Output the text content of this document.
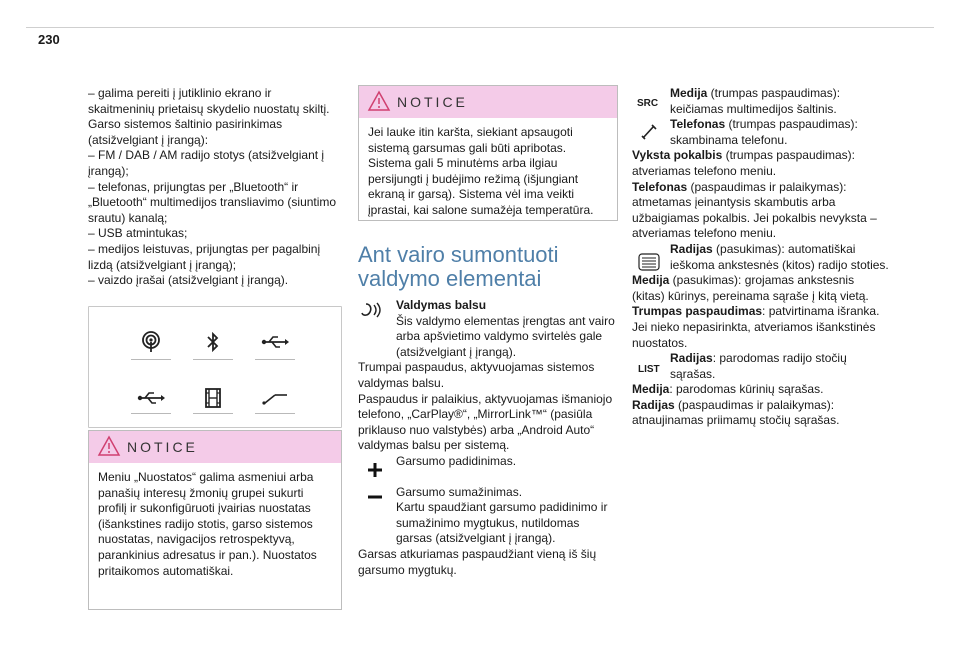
230

– galima pereiti į jutiklinio ekrano ir skaitmeninių prietaisų skydelio nuostatų skiltį.

Garso sistemos šaltinio pasirinkimas (atsižvelgiant į įrangą):

– FM / DAB / AM radijo stotys (atsižvelgiant į įrangą);

– telefonas, prijungtas per „Bluetooth“ ir „Bluetooth“ multimedijos transliavimo (siuntimo srautu) kanalą;

– USB atmintukas;

– medijos leistuvas, prijungtas per pagalbinį lizdą (atsižvelgiant į įrangą);

– vaizdo įrašai (atsižvelgiant į įrangą).

NOTICE
Meniu „Nuostatos“ galima asmeniui arba panašių interesų žmonių grupei sukurti profilį ir sukonfigūruoti įvairias nuostatas (išankstines radijo stotis, garso sistemos nuostatas, navigacijos retrospektyvą, parankinius adresatus ir pan.). Nuostatos pritaikomos automatiškai.
NOTICE
Jei lauke itin karšta, siekiant apsaugoti sistemą garsumas gali būti apribotas. Sistema gali 5 minutėms arba ilgiau persijungti į budėjimo režimą (išjungiant ekraną ir garsą). Sistema vėl ima veikti įprastai, kai salone sumažėja temperatūra.
Ant vairo sumontuoti valdymo elementai

Valdymas balsu

Šis valdymo elementas įrengtas ant vairo arba apšvietimo valdymo svirtelės gale (atsižvelgiant į įrangą).

Trumpai paspaudus, aktyvuojamas sistemos valdymas balsu.

Paspaudus ir palaikius, aktyvuojamas išmaniojo telefono, „CarPlay®“, „MirrorLink™“ (pasiūla priklauso nuo valstybės) arba „Android Auto“ valdymas balsu per sistemą.

Garsumo padidinimas.

Garsumo sumažinimas.

Kartu spaudžiant garsumo padidinimo ir sumažinimo mygtukus, nutildomas garsas (atsižvelgiant į įrangą).

Garsas atkuriamas paspaudžiant vieną iš šių garsumo mygtukų.

SRC
LIST

Medija (trumpas paspaudimas): keičiamas multimedijos šaltinis.

Telefonas (trumpas paspaudimas): skambinama telefonu.

Vyksta pokalbis (trumpas paspaudimas): atveriamas telefono meniu.

Telefonas (paspaudimas ir palaikymas): atmetamas įeinantysis skambutis arba užbaigiamas pokalbis. Jei pokalbis nevyksta – atveriamas telefono meniu.

Radijas (pasukimas): automatiškai ieškoma ankstesnės (kitos) radijo stoties.

Medija (pasukimas): grojamas ankstesnis (kitas) kūrinys, pereinama sąraše į kitą vietą.

Trumpas paspaudimas: patvirtinama išranka. Jei nieko nepasirinkta, atveriamos išankstinės nuostatos.

Radijas: parodomas radijo stočių sąrašas.

Medija: parodomas kūrinių sąrašas.

Radijas (paspaudimas ir palaikymas): atnaujinamas priimamų stočių sąrašas.
